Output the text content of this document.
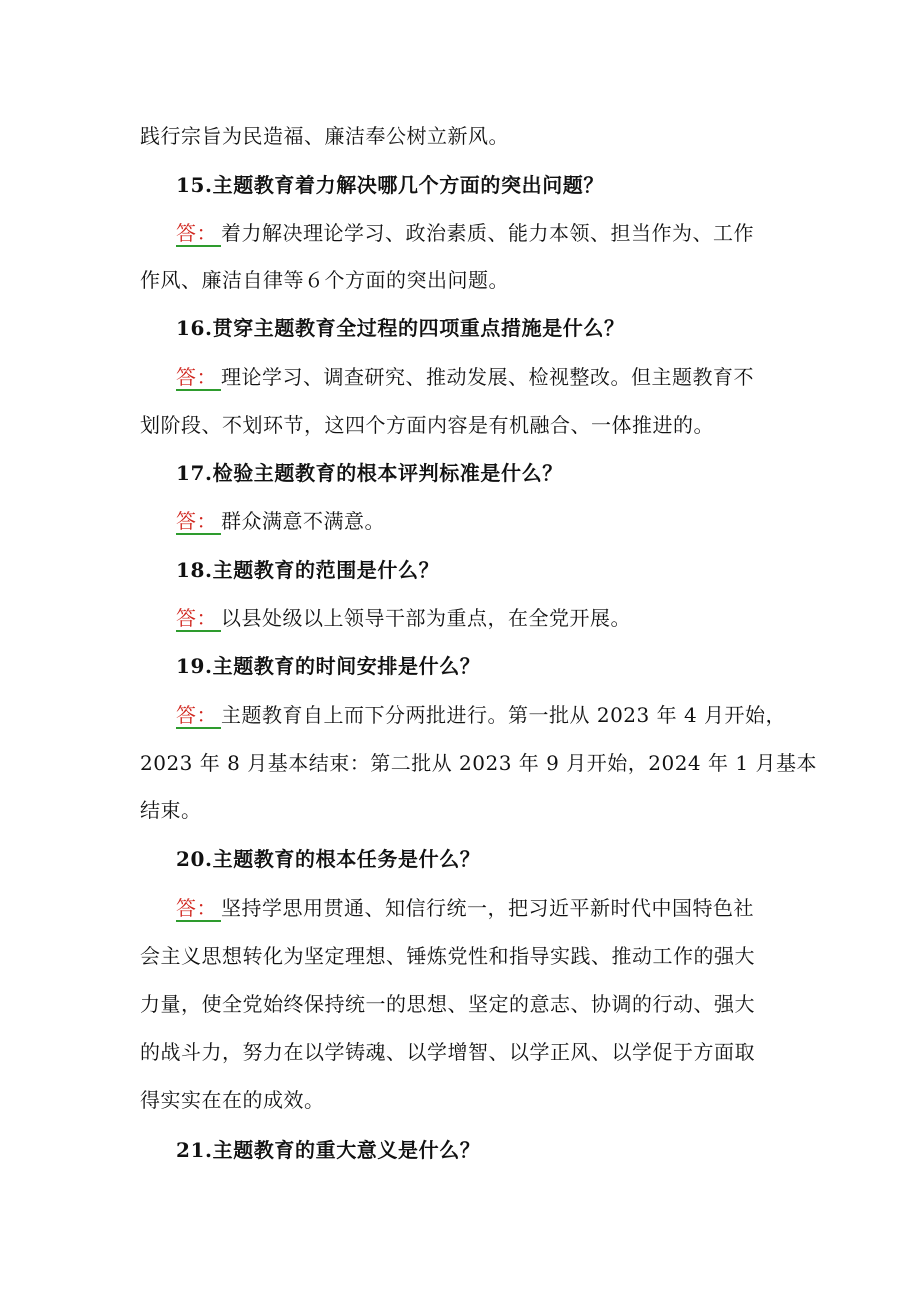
践行宗旨为民造福、廉洁奉公树立新风。
15.主题教育着力解决哪几个方面的突出问题？
答： 着力解决理论学习、政治素质、能力本领、担当作为、工作
作风、廉洁自律等６个方面的突出问题。
16.贯穿主题教育全过程的四项重点措施是什么？
答： 理论学习、调查研究、推动发展、检视整改。但主题教育不
划阶段、不划环节，这四个方面内容是有机融合、一体推进的。
17.检验主题教育的根本评判标准是什么？
答： 群众满意不满意。
18.主题教育的范围是什么？
答： 以县处级以上领导干部为重点，在全党开展。
19.主题教育的时间安排是什么？
答： 主题教育自上而下分两批进行。第一批从 2023 年 4 月开始，
2023 年 8 月基本结束：第二批从 2023 年 9 月开始，2024 年 1 月基本
结束。
20.主题教育的根本任务是什么？
答： 坚持学思用贯通、知信行统一，把习近平新时代中国特色社
会主义思想转化为坚定理想、锤炼党性和指导实践、推动工作的强大
力量，使全党始终保持统一的思想、坚定的意志、协调的行动、强大
的战斗力，努力在以学铸魂、以学增智、以学正风、以学促于方面取
得实实在在的成效。
21.主题教育的重大意义是什么？
